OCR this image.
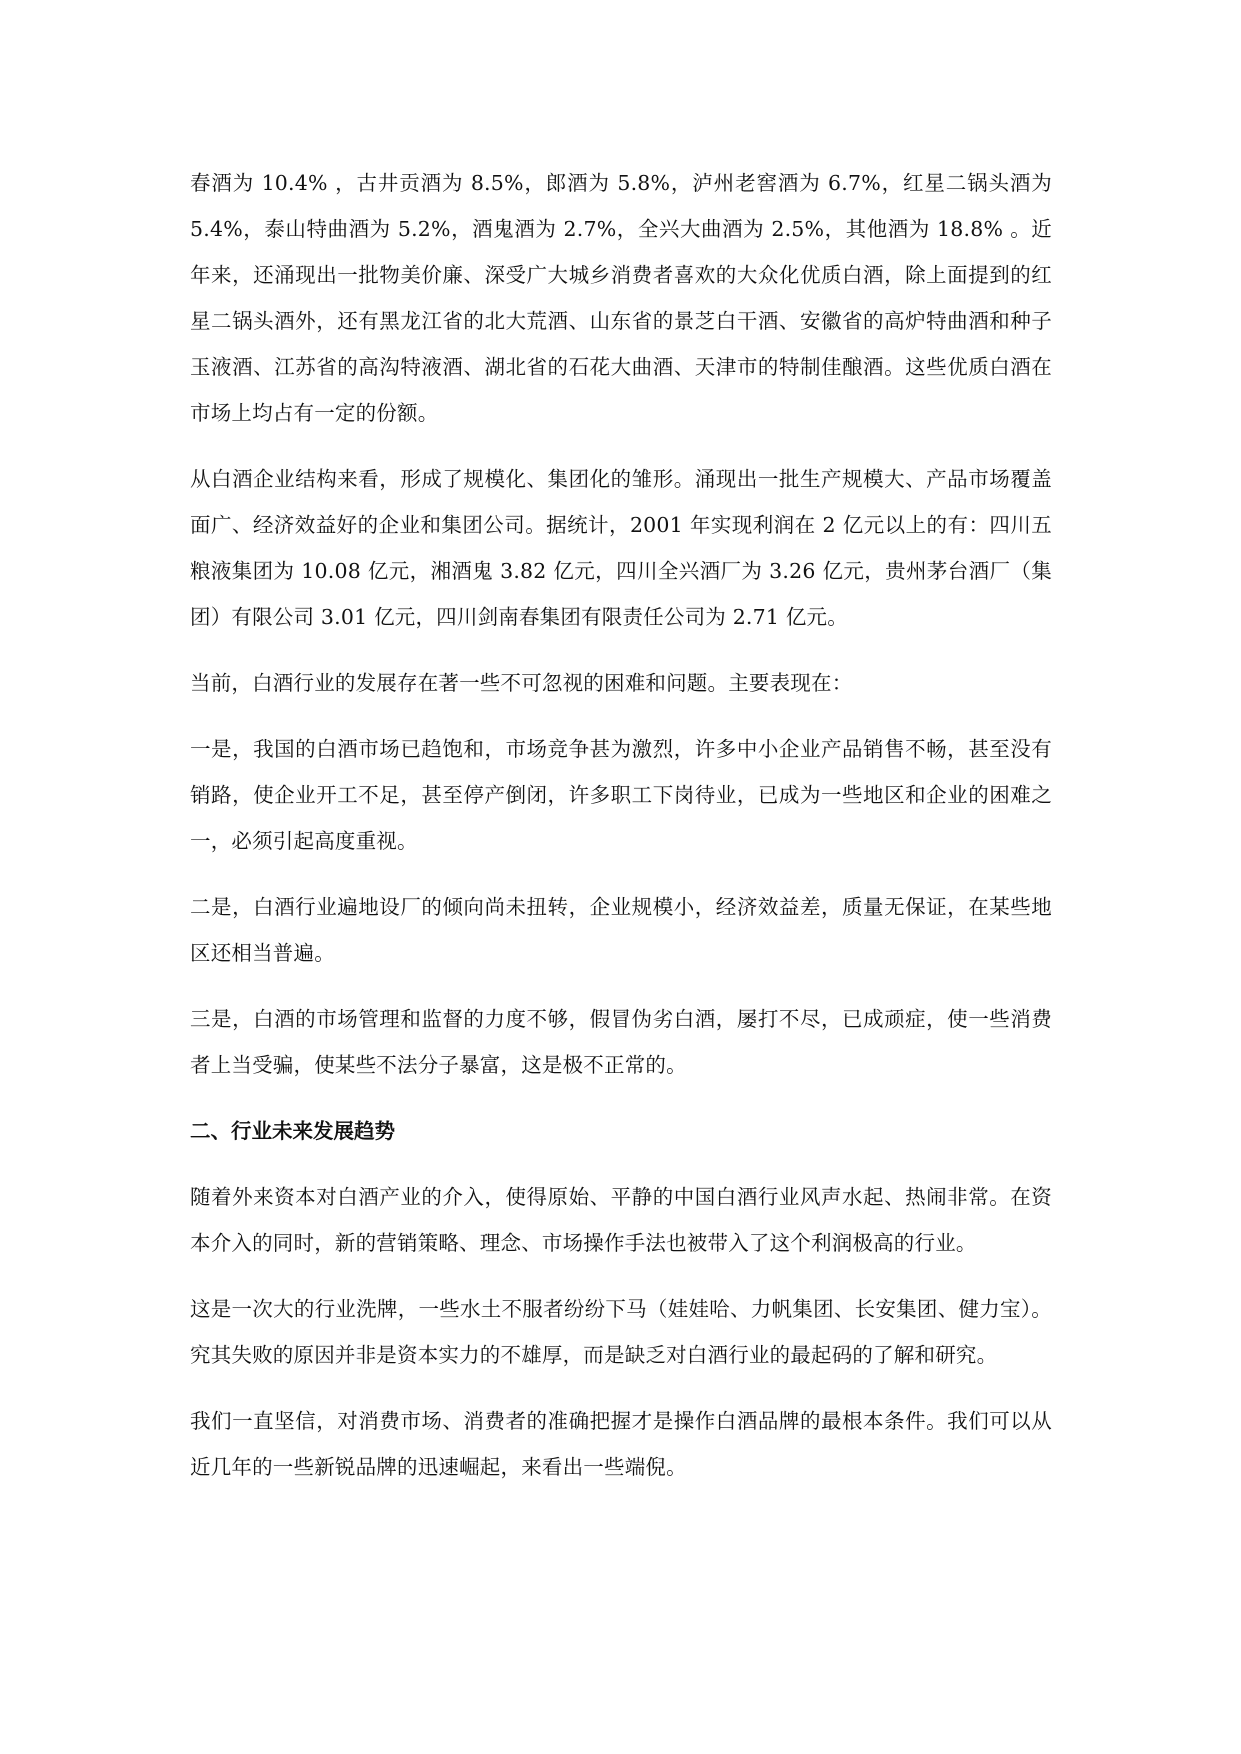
春酒为 10.4% ，古井贡酒为 8.5%，郎酒为 5.8%，泸州老窖酒为 6.7%，红星二锅头酒为 5.4%，泰山特曲酒为 5.2%，酒鬼酒为 2.7%，全兴大曲酒为 2.5%，其他酒为 18.8% 。近年来，还涌现出一批物美价廉、深受广大城乡消费者喜欢的大众化优质白酒，除上面提到的红星二锅头酒外，还有黑龙江省的北大荒酒、山东省的景芝白干酒、安徽省的高炉特曲酒和种子玉液酒、江苏省的高沟特液酒、湖北省的石花大曲酒、天津市的特制佳酿酒。这些优质白酒在市场上均占有一定的份额。

从白酒企业结构来看，形成了规模化、集团化的雏形。涌现出一批生产规模大、产品市场覆盖面广、经济效益好的企业和集团公司。据统计，2001 年实现利润在 2 亿元以上的有：四川五粮液集团为 10.08 亿元，湘酒鬼 3.82 亿元，四川全兴酒厂为 3.26 亿元，贵州茅台酒厂（集团）有限公司 3.01 亿元，四川剑南春集团有限责任公司为 2.71 亿元。

当前，白酒行业的发展存在著一些不可忽视的困难和问题。主要表现在：

一是，我国的白酒市场已趋饱和，市场竞争甚为激烈，许多中小企业产品销售不畅，甚至没有销路，使企业开工不足，甚至停产倒闭，许多职工下岗待业，已成为一些地区和企业的困难之一，必须引起高度重视。

二是，白酒行业遍地设厂的倾向尚未扭转，企业规模小，经济效益差，质量无保证，在某些地区还相当普遍。

三是，白酒的市场管理和监督的力度不够，假冒伪劣白酒，屡打不尽，已成顽症，使一些消费者上当受骗，使某些不法分子暴富，这是极不正常的。

二、行业未来发展趋势

随着外来资本对白酒产业的介入，使得原始、平静的中国白酒行业风声水起、热闹非常。在资本介入的同时，新的营销策略、理念、市场操作手法也被带入了这个利润极高的行业。

这是一次大的行业洗牌，一些水土不服者纷纷下马（娃娃哈、力帆集团、长安集团、健力宝）。究其失败的原因并非是资本实力的不雄厚，而是缺乏对白酒行业的最起码的了解和研究。

我们一直坚信，对消费市场、消费者的准确把握才是操作白酒品牌的最根本条件。我们可以从近几年的一些新锐品牌的迅速崛起，来看出一些端倪。
